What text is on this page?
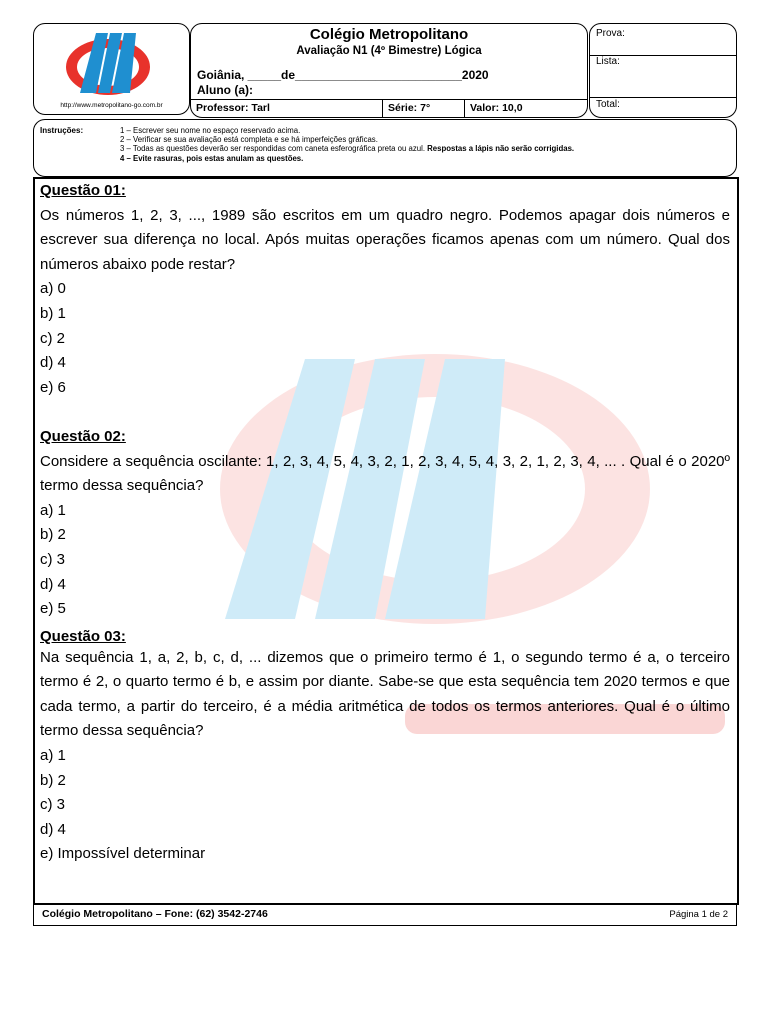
http://www.metropolitano-go.com.br
Colégio Metropolitano
Avaliação N1 (4º Bimestre) Lógica
Goiânia, _____de_________________________2020
Aluno (a):
Professor: Tarl	Série: 7°	Valor: 10,0
Prova:
Lista:
Total:
Instruções:	1 – Escrever seu nome no espaço reservado acima.
2 – Verificar se sua avaliação está completa e se há imperfeições gráficas.
3 – Todas as questões deverão ser respondidas com caneta esferográfica preta ou azul. Respostas a lápis não serão corrigidas.
4 – Evite rasuras, pois estas anulam as questões.
Questão 01:
Os números 1, 2, 3, ..., 1989 são escritos em um quadro negro. Podemos apagar dois números e escrever sua diferença no local. Após muitas operações ficamos apenas com um número. Qual dos números abaixo pode restar?
a) 0
b) 1
c) 2
d) 4
e) 6
Questão 02:
Considere a sequência oscilante: 1, 2, 3, 4, 5, 4, 3, 2, 1, 2, 3, 4, 5, 4, 3, 2, 1, 2, 3, 4, ... . Qual é o 2020º termo dessa sequência?
a) 1
b) 2
c) 3
d) 4
e) 5
Questão 03:
Na sequência 1, a, 2, b, c, d, ... dizemos que o primeiro termo é 1, o segundo termo é a, o terceiro termo é 2, o quarto termo é b, e assim por diante. Sabe-se que esta sequência tem 2020 termos e que cada termo, a partir do terceiro, é a média aritmética de todos os termos anteriores. Qual é o último termo dessa sequência?
a) 1
b) 2
c) 3
d) 4
e) Impossível determinar
Colégio Metropolitano – Fone: (62) 3542-2746	Página 1 de 2
